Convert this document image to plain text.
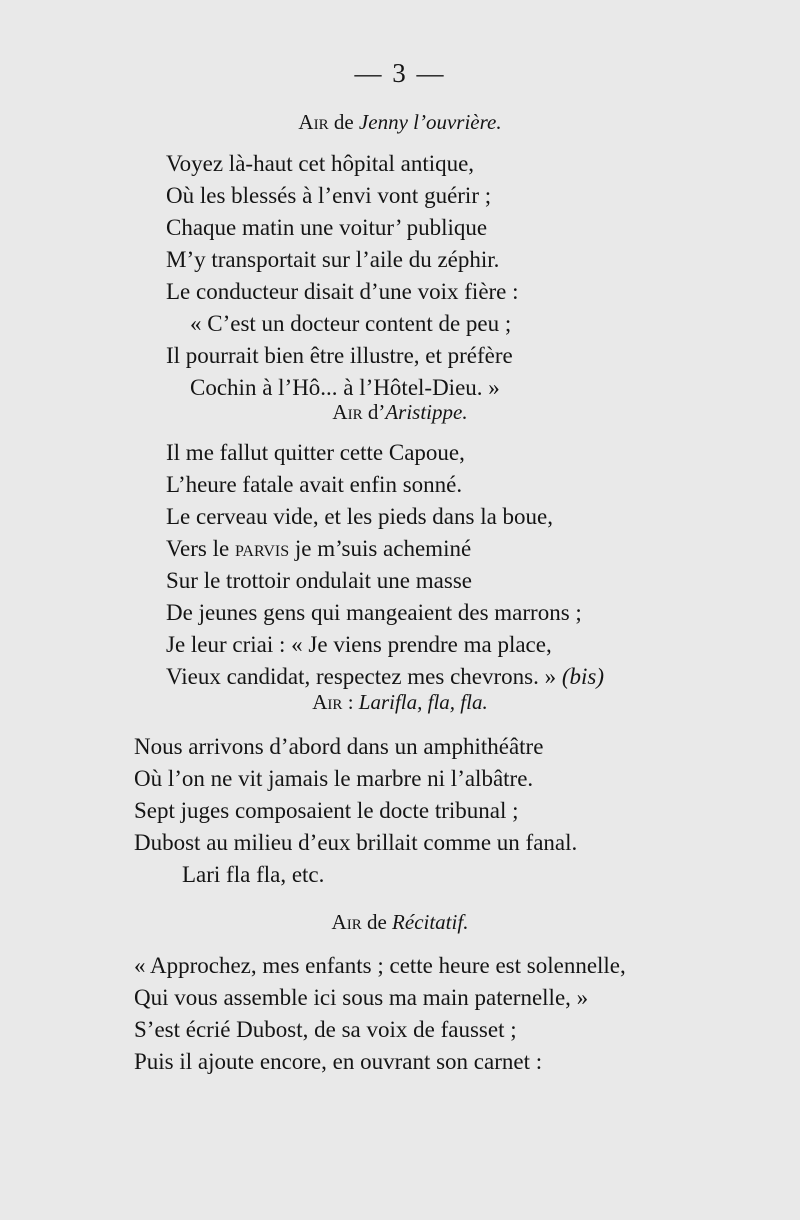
— 3 —
Air de Jenny l’ouvrière.
Voyez là-haut cet hôpital antique,
Où les blessés à l’envi vont guérir ;
Chaque matin une voitur’ publique
M’y transportait sur l’aile du zéphir.
Le conducteur disait d’une voix fière :
« C’est un docteur content de peu ;
Il pourrait bien être illustre, et préfère
Cochin à l’Hô... à l’Hôtel-Dieu. »
Air d’Aristippe.
Il me fallut quitter cette Capoue,
L’heure fatale avait enfin sonné.
Le cerveau vide, et les pieds dans la boue,
Vers le parvis je m’suis acheminé
Sur le trottoir ondulait une masse
De jeunes gens qui mangeaient des marrons ;
Je leur criai : « Je viens prendre ma place,
Vieux candidat, respectez mes chevrons. » (bis)
Air : Larifla, fla, fla.
Nous arrivons d’abord dans un amphithéâtre
Où l’on ne vit jamais le marbre ni l’albâtre.
Sept juges composaient le docte tribunal ;
Dubost au milieu d’eux brillait comme un fanal.
Lari fla fla, etc.
Air de Récitatif.
« Approchez, mes enfants ; cette heure est solennelle,
Qui vous assemble ici sous ma main paternelle, »
S’est écrié Dubost, de sa voix de fausset ;
Puis il ajoute encore, en ouvrant son carnet :
